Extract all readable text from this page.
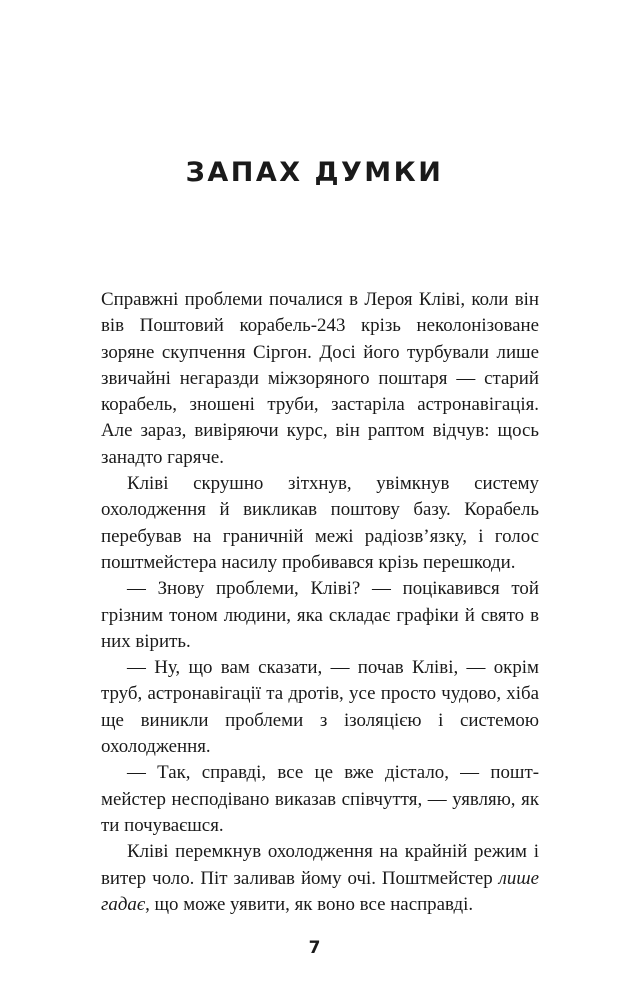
ЗАПАХ ДУМКИ

Справжні проблеми почалися в Лероя Кліві, коли він вів Поштовий корабель-243 крізь неколонізоване зоряне скупчення Сіргон. Досі його турбували лише звичайні негаразди міжзоряного поштаря — старий корабель, зношені труби, застаріла астронавігація. Але зараз, вивіряючи курс, він раптом відчув: щось занадто гаряче.

Кліві скрушно зітхнув, увімкнув систему охолодження й викликав поштову базу. Корабель перебував на граничній межі радіозв’язку, і голос поштмейстера насилу пробивався крізь перешкоди.

— Знову проблеми, Кліві? — поцікавився той грізним тоном людини, яка складає графіки й свято в них вірить.

— Ну, що вам сказати, — почав Кліві, — окрім труб, астронавігації та дротів, усе просто чудово, хіба ще виникли проблеми з ізоляцією і системою охолодження.

— Так, справді, все це вже дістало, — поштмейстер несподівано виказав співчуття, — уявляю, як ти почуваєшся.

Кліві перемкнув охолодження на крайній режим і витер чоло. Піт заливав йому очі. Поштмейстер лише гадає, що може уявити, як воно все насправді.

7
